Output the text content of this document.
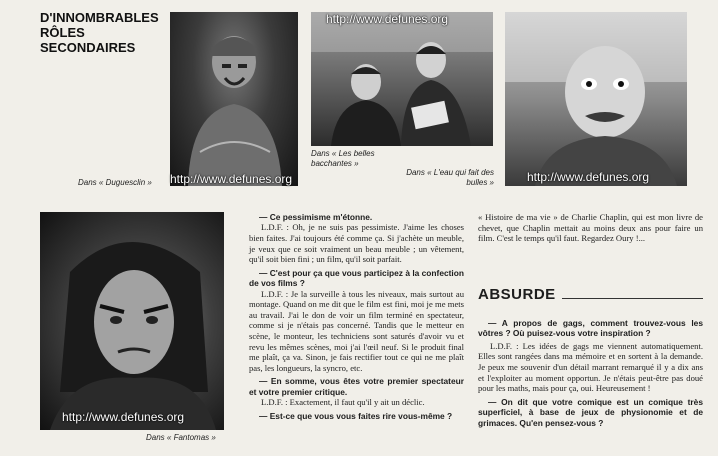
D'INNOMBRABLES RÔLES SECONDAIRES
Dans « Duguesclin »	http://www.defunes.org
http://www.defunes.org
Dans « Les belles bacchantes »
Dans « L'eau qui fait des bulles »	http://www.defunes.org
http://www.defunes.org
Dans « Fantomas »

— Ce pessimisme m'étonne.

L.D.F. : Oh, je ne suis pas pessimiste. J'aime les choses bien faites. J'ai toujours été comme ça. Si j'achète un meuble, je veux que ce soit vraiment un beau meuble ; un vêtement, qu'il soit bien fini ; un film, qu'il soit parfait.

— C'est pour ça que vous participez à la confection de vos films ?

L.D.F. : Je la surveille à tous les niveaux, mais surtout au montage. Quand on me dit que le film est fini, moi je me mets au travail. J'ai le don de voir un film terminé en spectateur, comme si je n'étais pas concerné. Tandis que le metteur en scène, le monteur, les techniciens sont saturés d'avoir vu et revu les mêmes scènes, moi j'ai l'œil neuf. Si le produit final me plaît, ça va. Sinon, je fais rectifier tout ce qui ne me plaît pas, les longueurs, la syncro, etc.

— En somme, vous êtes votre premier spectateur et votre premier critique.

L.D.F. : Exactement, il faut qu'il y ait un déclic.

— Est-ce que vous vous faites rire vous-même ?

« Histoire de ma vie » de Charlie Chaplin, qui est mon livre de chevet, que Chaplin mettait au moins deux ans pour faire un film. C'est le temps qu'il faut. Regardez Oury !...

ABSURDE

— A propos de gags, comment trouvez-vous les vôtres ? Où puisez-vous votre inspiration ?

L.D.F. : Les idées de gags me viennent automatiquement. Elles sont rangées dans ma mémoire et en sortent à la demande. Je peux me souvenir d'un détail marrant remarqué il y a dix ans et l'exploiter au moment opportun. Je n'étais peut-être pas doué pour les maths, mais pour ça, oui. Heureusement !

— On dit que votre comique est un comique très superficiel, à base de jeux de physionomie et de grimaces. Qu'en pensez-vous ?
